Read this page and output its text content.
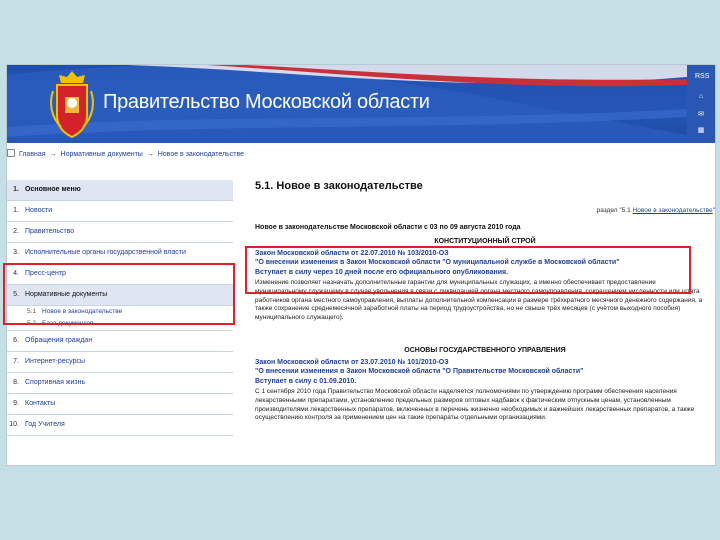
Правительство Московской области
RSS
⌂
✉
▦
Главная → Нормативные документы → Новое в законодательстве
1. Основное меню
1. Новости
2. Правительство
3. Исполнительные органы государственной власти
4. Пресс-центр
5. Нормативные документы
5.1 Новое в законодательстве
5.2 База документов
6. Обращения граждан
7. Интернет-ресурсы
8. Спортивная жизнь
9. Контакты
10. Год Учителя
5.1. Новое в законодательстве
раздел "5.1 Новое в законодательстве"
Новое в законодательстве Московской области с 03 по 09 августа 2010 года
КОНСТИТУЦИОННЫЙ СТРОЙ
Закон Московской области от 22.07.2010 № 103/2010-ОЗ
"О внесении изменения в Закон Московской области "О муниципальной службе в Московской области"
Вступает в силу через 10 дней после его официального опубликования.
Изменение позволяет назначать дополнительные гарантии для муниципальных служащих, а именно обеспечивает предоставление муниципальному служащему в случае увольнения в связи с ликвидацией органа местного самоуправления, сокращением численности или штата работников органа местного самоуправления, выплаты дополнительной компенсации в размере трёхкратного месячного денежного содержания, а также сохранение среднемесячной заработной платы на период трудоустройства, но не свыше трёх месяцев (с учётом выходного пособия) муниципального служащего).
ОСНОВЫ ГОСУДАРСТВЕННОГО УПРАВЛЕНИЯ
Закон Московской области от 23.07.2010 № 101/2010-ОЗ
"О внесении изменения в Закон Московской области "О Правительстве Московской области"
Вступает в силу с 01.09.2010.
С 1 сентября 2010 года Правительство Московской области наделяется полномочиями по утверждению программ обеспечения населения лекарственными препаратами, установлению предельных размеров оптовых надбавок к фактическим отпускным ценам, установленным производителями лекарственных препаратов, включенных в перечень жизненно необходимых и важнейших лекарственных препаратов, а также осуществлению контроля за применением цен на такие препараты отдельными организациями.
